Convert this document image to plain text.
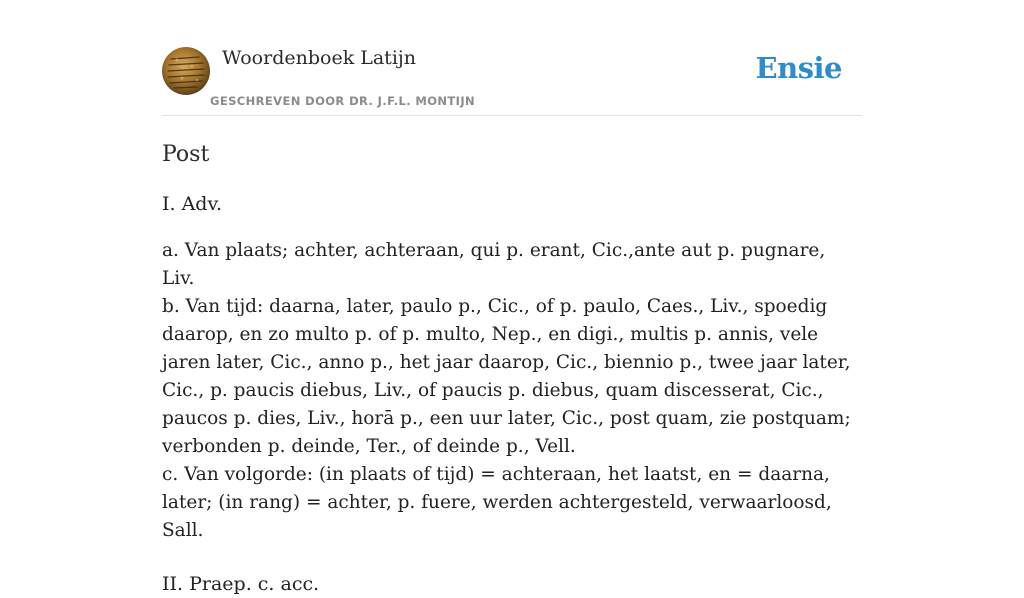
Woordenboek Latijn
GESCHREVEN DOOR DR. J.F.L. MONTIJN
Ensie
Post

I. Adv.

a. Van plaats; achter, achteraan, qui p. erant, Cic.,ante aut p. pugnare, Liv.
b. Van tijd: daarna, later, paulo p., Cic., of p. paulo, Caes., Liv., spoedig daarop, en zo multo p. of p. multo, Nep., en digi., multis p. annis, vele jaren later, Cic., anno p., het jaar daarop, Cic., biennio p., twee jaar later, Cic., p. paucis diebus, Liv., of paucis p. diebus, quam discesserat, Cic., paucos p. dies, Liv., horā p., een uur later, Cic., post quam, zie postquam; verbonden p. deinde, Ter., of deinde p., Vell.
c. Van volgorde: (in plaats of tijd) = achteraan, het laatst, en = daarna, later; (in rang) = achter, p. fuere, werden achtergesteld, verwaarloosd, Sall.

II. Praep. c. acc.
